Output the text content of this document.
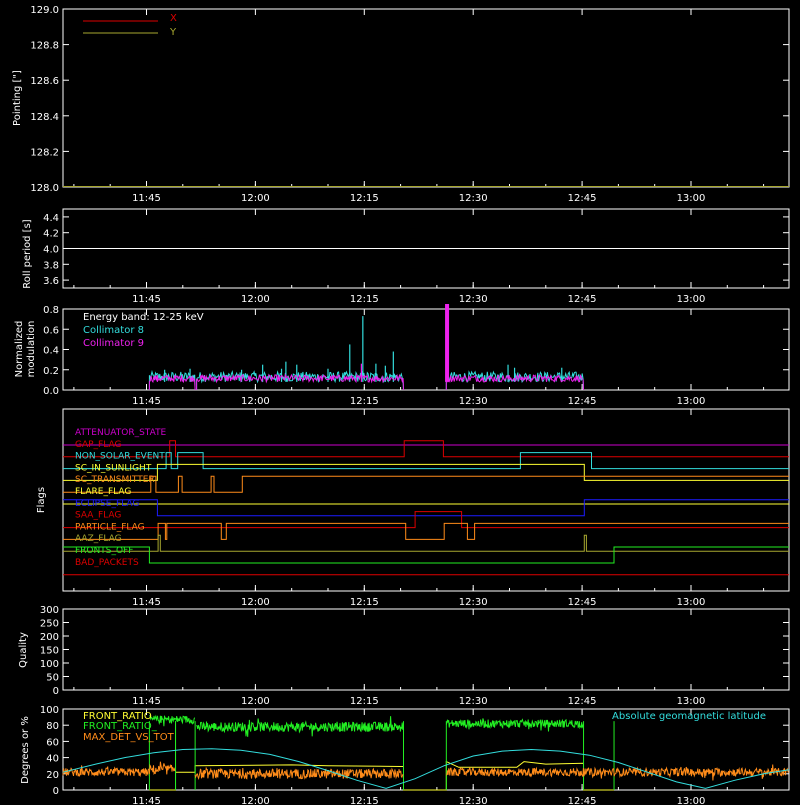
Pointing ["]
128.0
128.2
128.4
128.6
128.8
129.0
11:45	12:00	12:15	12:30	12:45	13:00
X
Y
Roll period [s] 3.6
3.8
4.0
4.2
4.4
11:45	12:00	12:15	12:30	12:45	13:00
Normalized modulation
0.0
0.2
0.4
0.6
0.8
11:45	12:00	12:15	12:30	12:45	13:00
Energy band: 12-25 keV
Collimator 8
Collimator 9
Flags
11:45	12:00	12:15	12:30	12:45	13:00
ATTENUATOR_STATE
GAP_FLAG
NON_SOLAR_EVENT
SC_IN_SUNLIGHT
SC_TRANSMITTER
FLARE_FLAG
ECLIPSE_FLAG
SAA_FLAG
PARTICLE_FLAG
AAZ_FLAG
FRONTS_OFF
BAD_PACKETS
Quality
0
50
100
150
200
250
300
11:45	12:00	12:15	12:30	12:45	13:00
Degrees or %
0
20
40
60
80
100
11:45	12:00	12:15	12:30	12:45	13:00
FRONT_RATIO
FRONT_RATIO_
MAX_DET_VS_TOT
Absolute geomagnetic latitude
